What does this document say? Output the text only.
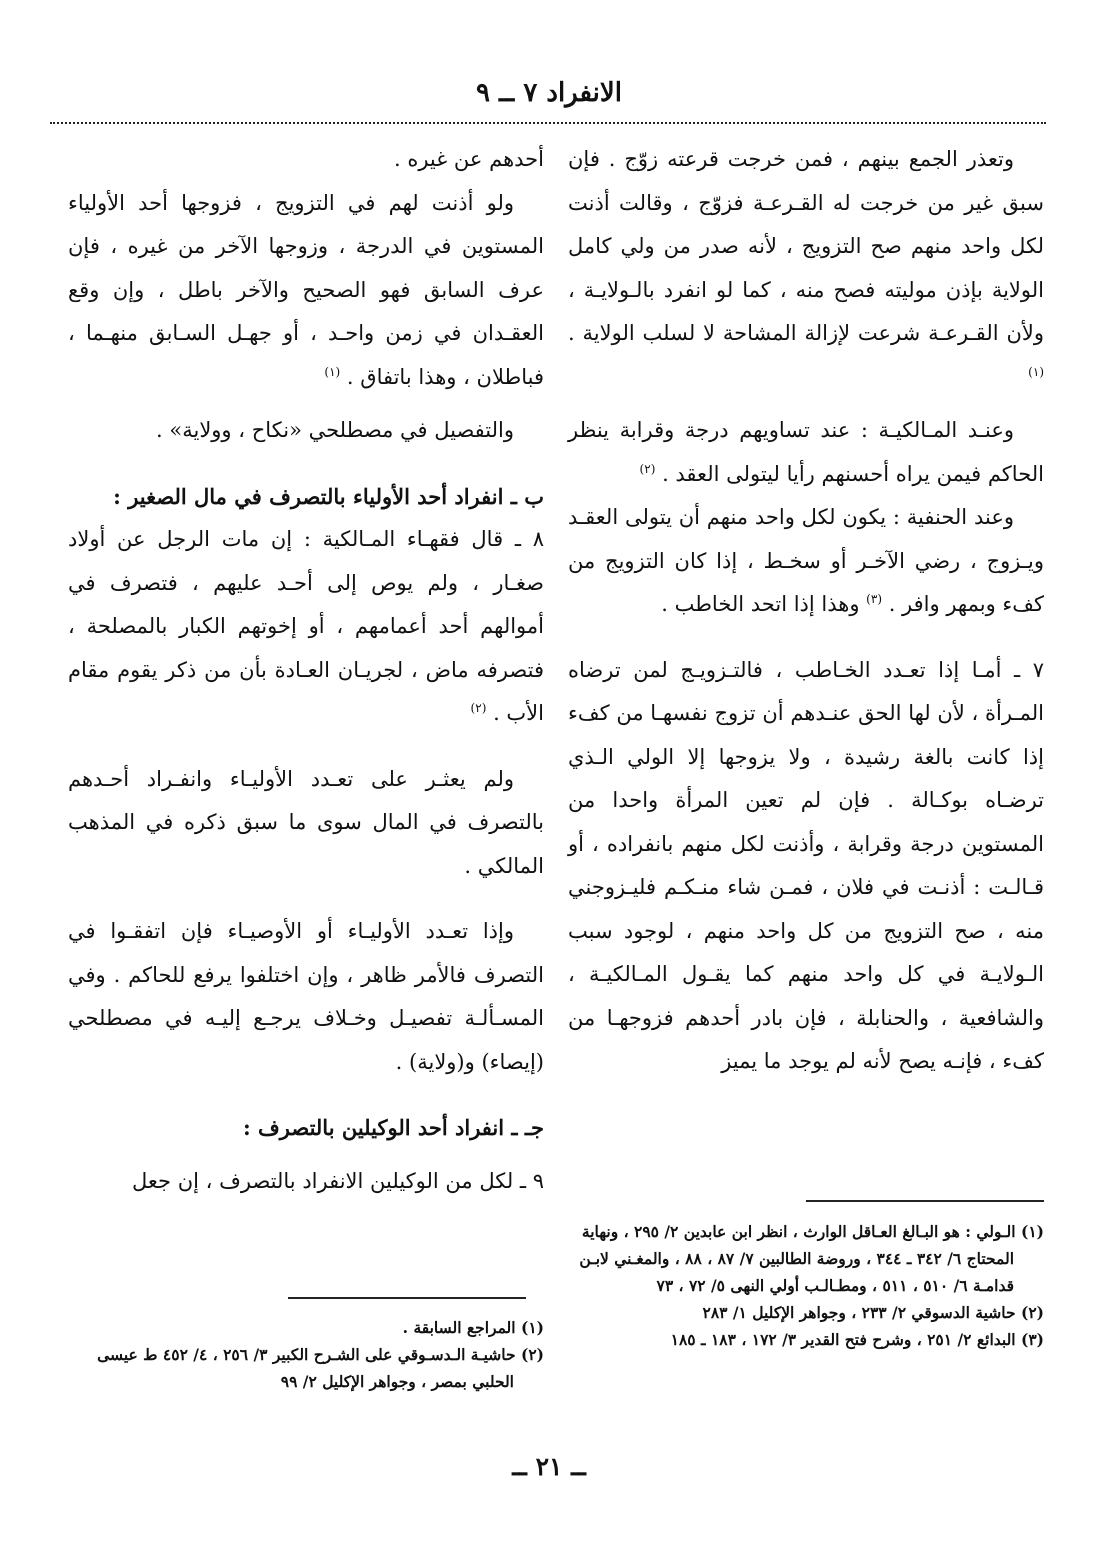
الانفراد ٧ ــ ٩

وتعذر الجمع بينهم ، فمن خرجت قرعته زوّج . فإن سبق غير من خرجت له القـرعـة فزوّج ، وقالت أذنت لكل واحد منهم صح التزويج ، لأنه صدر من ولي كامل الولاية بإذن موليته فصح منه ، كما لو انفرد بالـولايـة ، ولأن القـرعـة شرعت لإزالة المشاحة لا لسلب الولاية . $^{(١)}$

وعنـد المـالكيـة : عند تساويهم درجة وقرابة ينظر الحاكم فيمن يراه أحسنهم رأيا ليتولى العقد . $^{(٢)}$

وعند الحنفية : يكون لكل واحد منهم أن يتولى العقـد ويـزوج ، رضي الآخـر أو سخـط ، إذا كان التزويج من كفء وبمهر وافر . $^{(٣)}$ وهذا إذا اتحد الخاطب .

٧ ـ أمـا إذا تعـدد الخـاطب ، فالتـزويـج لمن ترضاه المـرأة ، لأن لها الحق عنـدهم أن تزوج نفسهـا من كفء إذا كانت بالغة رشيدة ، ولا يزوجها إلا الولي الـذي ترضـاه بوكـالة . فإن لم تعين المرأة واحدا من المستوين درجة وقرابة ، وأذنت لكل منهم بانفراده ، أو قـالـت : أذنـت في فلان ، فمـن شاء منـكـم فليـزوجني منه ، صح التزويج من كل واحد منهم ، لوجود سبب الـولايـة في كل واحد منهم كما يقـول المـالكيـة ، والشافعية ، والحنابلة ، فإن بادر أحدهم فزوجهـا من كفء ، فإنـه يصح لأنه لم يوجد ما يميز

أحدهم عن غيره .

ولو أذنت لهم في التزويج ، فزوجها أحد الأولياء المستوين في الدرجة ، وزوجها الآخر من غيره ، فإن عرف السابق فهو الصحيح والآخر باطل ، وإن وقع العقـدان في زمن واحـد ، أو جهـل السـابق منهـما ، فباطلان ، وهذا باتفاق . $^{(١)}$

والتفصيل في مصطلحي «نكاح ، وولاية» .

ب ـ انفراد أحد الأولياء بالتصرف في مال الصغير :

٨ ـ قال فقهـاء المـالكية : إن مات الرجل عن أولاد صغـار ، ولم يوص إلى أحـد عليهم ، فتصرف في أموالهم أحد أعمامهم ، أو إخوتهم الكبار بالمصلحة ، فتصرفه ماض ، لجريـان العـادة بأن من ذكر يقوم مقام الأب . $^{(٢)}$

ولم يعثـر على تعـدد الأوليـاء وانفـراد أحـدهم بالتصرف في المال سوى ما سبق ذكره في المذهب المالكي .

وإذا تعـدد الأوليـاء أو الأوصيـاء فإن اتفقـوا في التصرف فالأمر ظاهر ، وإن اختلفوا يرفع للحاكم . وفي المسـألـة تفصيـل وخـلاف يرجـع إليـه في مصطلحي (إيصاء) و(ولاية) .

جـ ـ انفراد أحد الوكيلين بالتصرف :

٩ ـ لكل من الوكيلين الانفراد بالتصرف ، إن جعل

(١) الـولي : هو البـالغ العـاقل الوارث ، انظر ابن عابدين ٢/ ٢٩٥ ، ونهاية المحتاج ٦/ ٣٤٢ ـ ٣٤٤ ، وروضة الطالبين ٧/ ٨٧ ، ٨٨ ، والمغـني لابـن قدامـة ٦/ ٥١٠ ، ٥١١ ، ومطـالـب أولي النهى ٥/ ٧٢ ، ٧٣

(٢) حاشية الدسوقي ٢/ ٢٣٣ ، وجواهر الإكليل ١/ ٢٨٣

(٣) البدائع ٢/ ٢٥١ ، وشرح فتح القدير ٣/ ١٧٢ ، ١٨٣ ـ ١٨٥

(١) المراجع السابقة .

(٢) حاشيـة الـدسـوقي على الشـرح الكبير ٣/ ٢٥٦ ، ٤/ ٤٥٢ ط عيسى الحلبي بمصر ، وجواهر الإكليل ٢/ ٩٩

ــ ٢١ ــ
